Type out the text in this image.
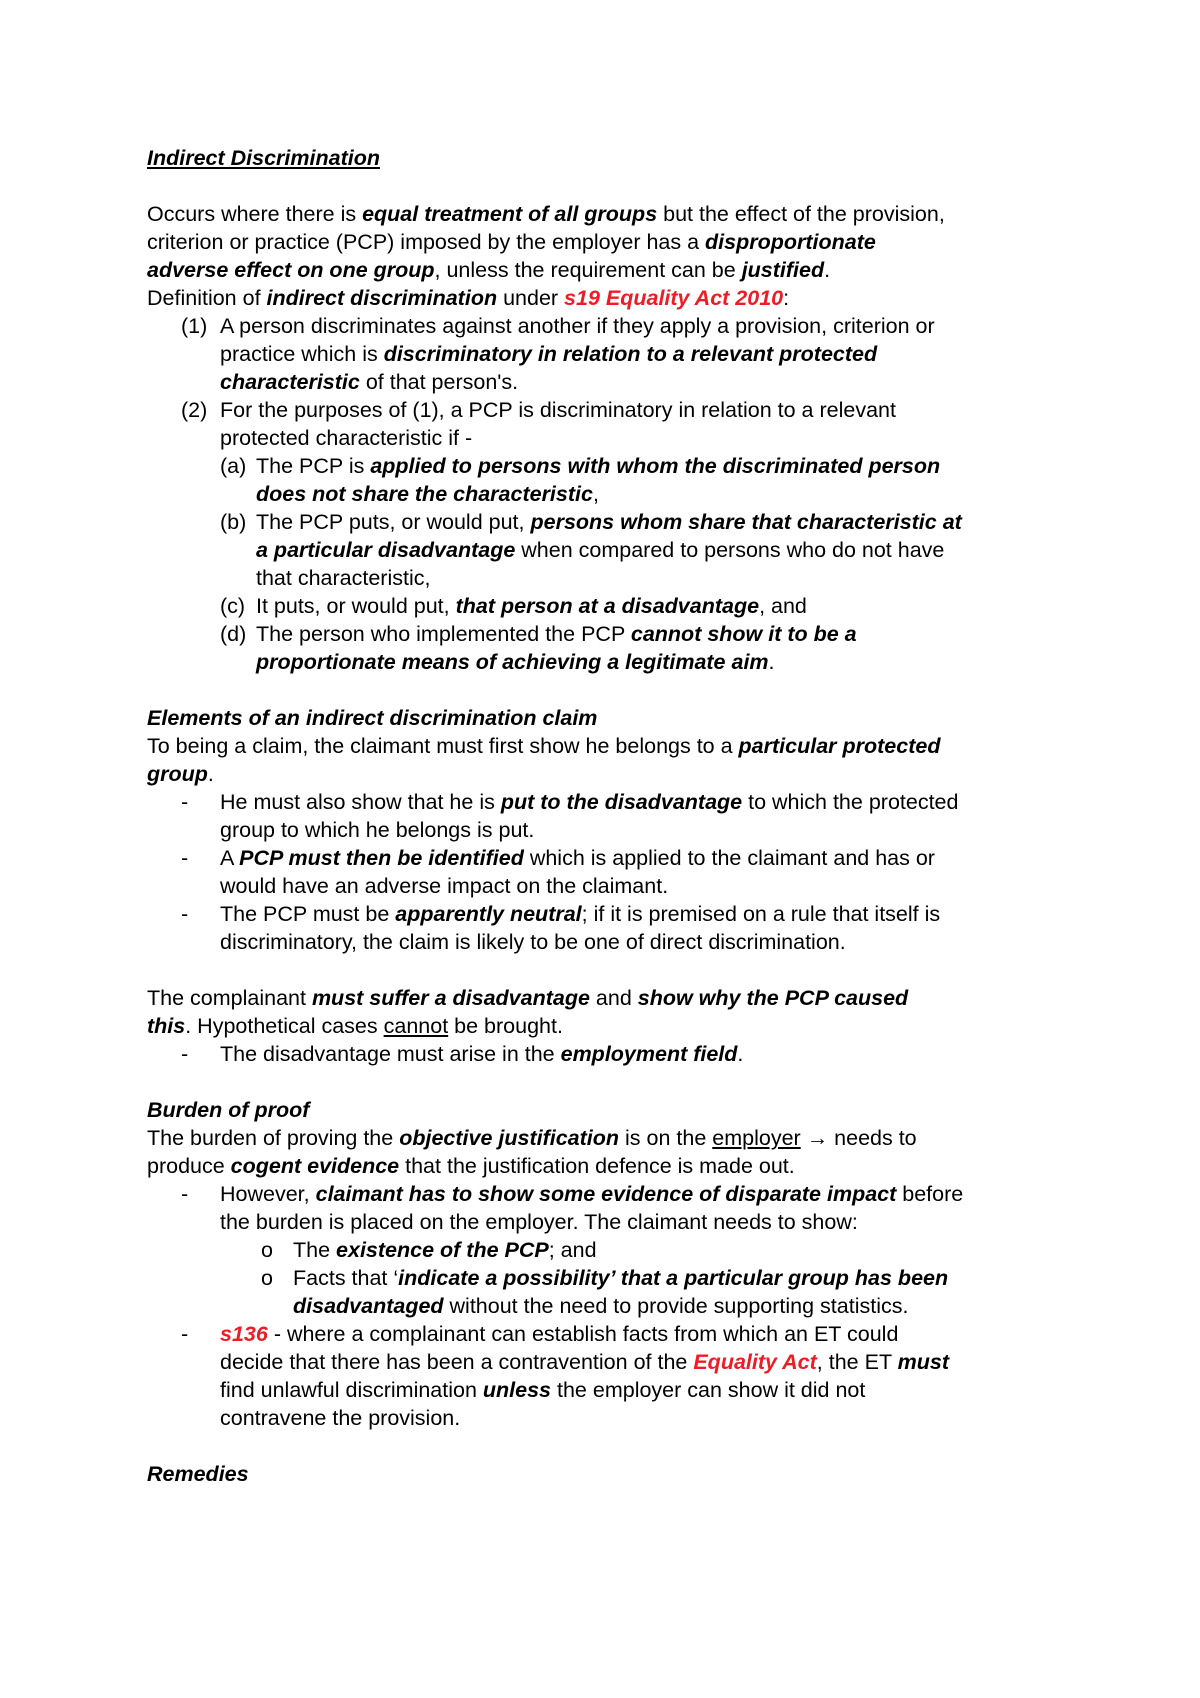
Indirect Discrimination
Occurs where there is equal treatment of all groups but the effect of the provision,
criterion or practice (PCP) imposed by the employer has a disproportionate
adverse effect on one group, unless the requirement can be justified.
Definition of indirect discrimination under s19 Equality Act 2010:
(1) A person discriminates against another if they apply a provision, criterion or
practice which is discriminatory in relation to a relevant protected
characteristic of that person's.
(2) For the purposes of (1), a PCP is discriminatory in relation to a relevant
protected characteristic if -
(a) The PCP is applied to persons with whom the discriminated person
does not share the characteristic,
(b) The PCP puts, or would put, persons whom share that characteristic at
a particular disadvantage when compared to persons who do not have
that characteristic,
(c) It puts, or would put, that person at a disadvantage, and
(d) The person who implemented the PCP cannot show it to be a
proportionate means of achieving a legitimate aim.
Elements of an indirect discrimination claim
To being a claim, the claimant must first show he belongs to a particular protected
group.
- He must also show that he is put to the disadvantage to which the protected
group to which he belongs is put.
- A PCP must then be identified which is applied to the claimant and has or
would have an adverse impact on the claimant.
- The PCP must be apparently neutral; if it is premised on a rule that itself is
discriminatory, the claim is likely to be one of direct discrimination.
The complainant must suffer a disadvantage and show why the PCP caused
this. Hypothetical cases cannot be brought.
- The disadvantage must arise in the employment field.
Burden of proof
The burden of proving the objective justification is on the employer → needs to
produce cogent evidence that the justification defence is made out.
- However, claimant has to show some evidence of disparate impact before
the burden is placed on the employer. The claimant needs to show:
o The existence of the PCP; and
o Facts that ‘indicate a possibility’ that a particular group has been
disadvantaged without the need to provide supporting statistics.
- s136 - where a complainant can establish facts from which an ET could
decide that there has been a contravention of the Equality Act, the ET must
find unlawful discrimination unless the employer can show it did not
contravene the provision.
Remedies
